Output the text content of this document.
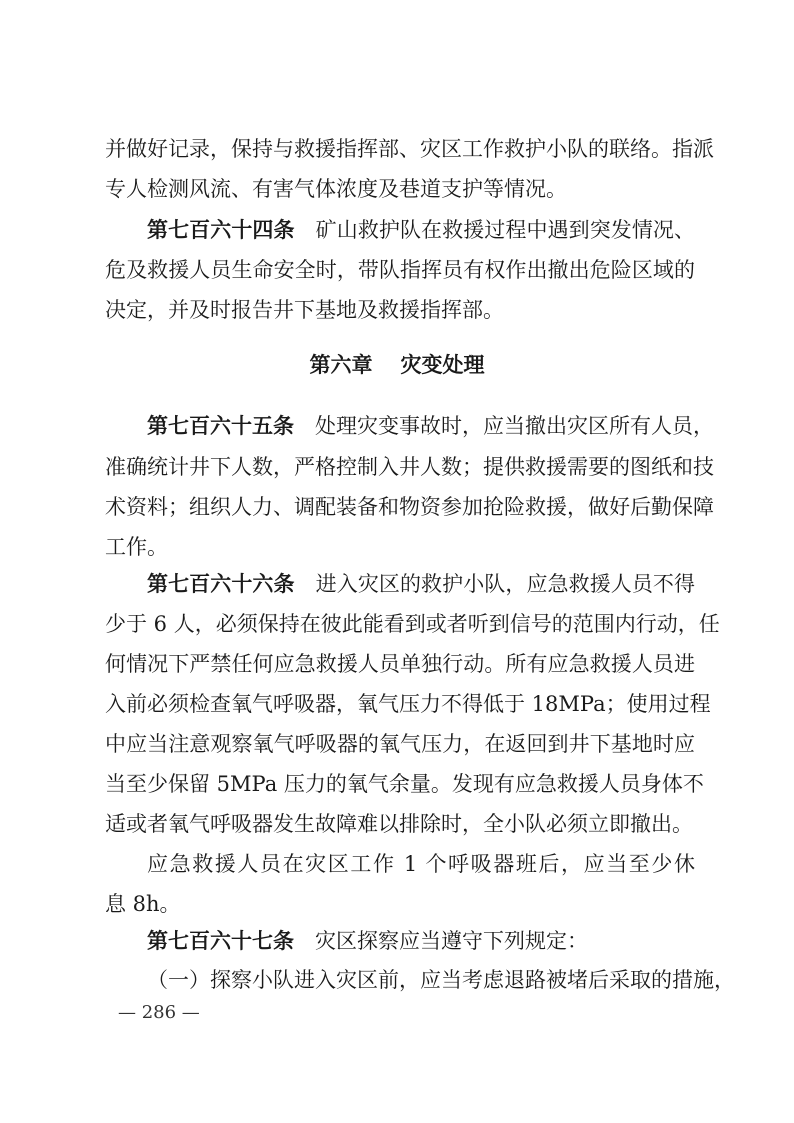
并做好记录，保持与救援指挥部、灾区工作救护小队的联络。指派
专人检测风流、有害气体浓度及巷道支护等情况。
第七百六十四条　 矿山救护队在救援过程中遇到突发情况、
危及救援人员生命安全时，带队指挥员有权作出撤出危险区域的
决定，并及时报告井下基地及救援指挥部。
第六章 灾变处理
第七百六十五条　 处理灾变事故时，应当撤出灾区所有人员，
准确统计井下人数，严格控制入井人数；提供救援需要的图纸和技
术资料；组织人力、调配装备和物资参加抢险救援，做好后勤保障
工作。
第七百六十六条　 进入灾区的救护小队，应急救援人员不得
少于 6 人，必须保持在彼此能看到或者听到信号的范围内行动，任
何情况下严禁任何应急救援人员单独行动。所有应急救援人员进
入前必须检查氧气呼吸器，氧气压力不得低于 18MPa；使用过程
中应当注意观察氧气呼吸器的氧气压力，在返回到井下基地时应
当至少保留 5MPa 压力的氧气余量。发现有应急救援人员身体不
适或者氧气呼吸器发生故障难以排除时，全小队必须立即撤出。
应急救援人员在灾区工作 1 个呼吸器班后，应当至少休
息 8h。
第七百六十七条　 灾区探察应当遵守下列规定：
（一）探察小队进入灾区前，应当考虑退路被堵后采取的措施，
— 286 —
